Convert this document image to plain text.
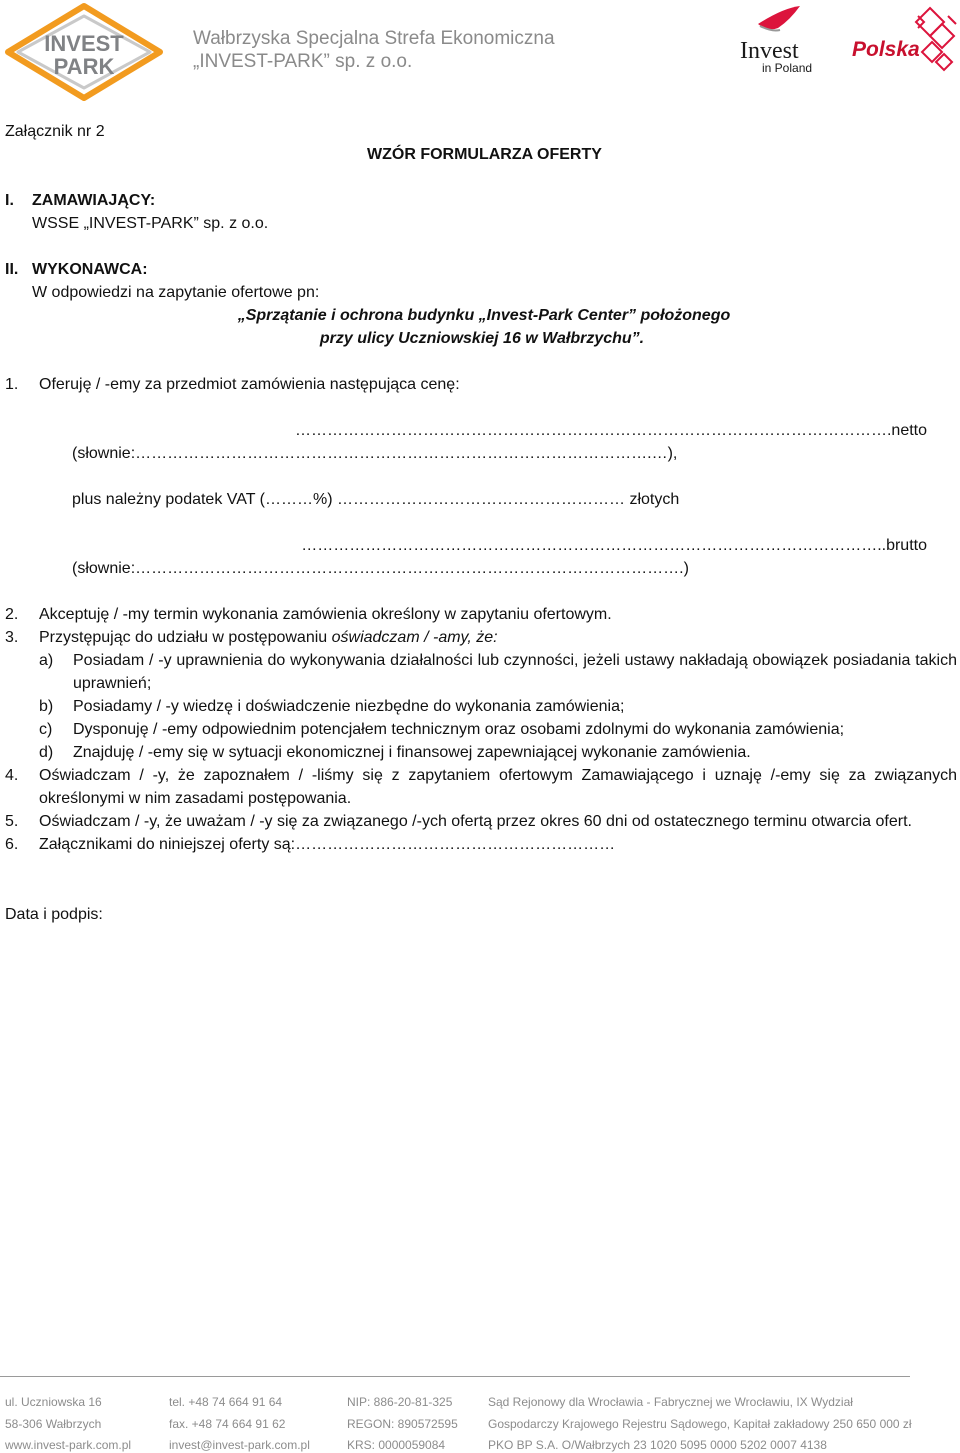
INVEST
PARK
Wałbrzyska Specjalna Strefa Ekonomiczna
„INVEST-PARK” sp. z o.o.	Invest
in Poland
Polska
Załącznik nr 2
WZÓR FORMULARZA OFERTY
I. ZAMAWIAJĄCY:
WSSE „INVEST-PARK” sp. z o.o.
II. WYKONAWCA:
W odpowiedzi na zapytanie ofertowe pn:
„Sprzątanie i ochrona budynku „Invest-Park Center” położonego
przy ulicy Uczniowskiej 16 w Wałbrzychu”.
1. Oferuję / -emy za przedmiot zamówienia następująca cenę:
………………………………………………………………………………………………….netto
(słownie:…………………………………………………………………………………….…),
plus należny podatek VAT (………%) ……………………………………………… złotych
………………………………………………………………………………………………..brutto
(słownie:………………………………………………………………………………………….)
2.	Akceptuję / -my termin wykonania zamówienia określony w zapytaniu ofertowym.
3.	Przystępując do udziału w postępowaniu oświadczam / -amy, że:
a)	Posiadam / -y uprawnienia do wykonywania działalności lub czynności, jeżeli ustawy nakładają obowiązek posiadania takich uprawnień;
b)	Posiadamy / -y wiedzę i doświadczenie niezbędne do wykonania zamówienia;
c)	Dysponuję / -emy odpowiednim potencjałem technicznym oraz osobami zdolnymi do wykonania zamówienia;
d)	Znajduję / -emy się w sytuacji ekonomicznej i finansowej zapewniającej wykonanie zamówienia.
4.	Oświadczam / -y, że zapoznałem / -liśmy się z zapytaniem ofertowym Zamawiającego i uznaję /-emy się za związanych określonymi w nim zasadami postępowania.
5.	Oświadczam / -y, że uważam / -y się za związanego /-ych ofertą przez okres 60 dni od ostatecznego terminu otwarcia ofert.
6.	Załącznikami do niniejszej oferty są:……………………………………………………
Data i podpis:
ul. Uczniowska 16
58-306 Wałbrzych
www.invest-park.com.pl
tel. +48 74 664 91 64
fax. +48 74 664 91 62
invest@invest-park.com.pl
NIP: 886-20-81-325
REGON: 890572595
KRS: 0000059084
Sąd Rejonowy dla Wrocławia - Fabrycznej we Wrocławiu, IX Wydział
Gospodarczy Krajowego Rejestru Sądowego, Kapitał zakładowy 250 650 000 zł
PKO BP S.A. O/Wałbrzych 23 1020 5095 0000 5202 0007 4138
